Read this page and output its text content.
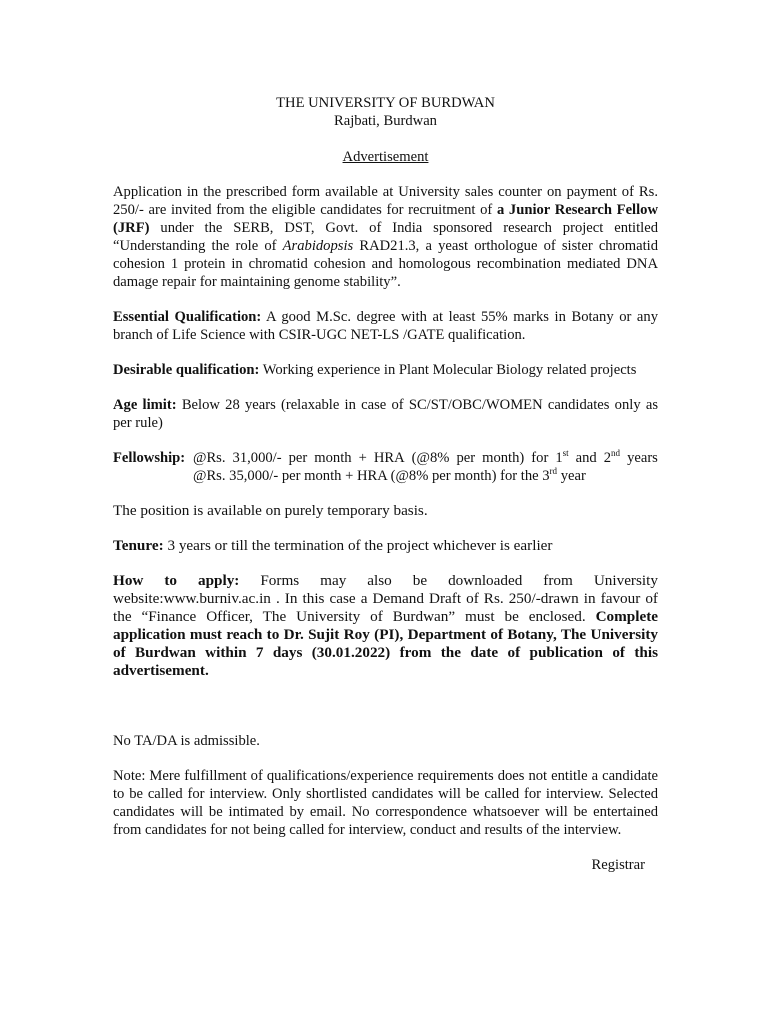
THE UNIVERSITY OF BURDWAN

Rajbati, Burdwan

Advertisement

Application in the prescribed form available at University sales counter on payment of Rs. 250/- are invited from the eligible candidates for recruitment of a Junior Research Fellow (JRF) under the SERB, DST, Govt. of India sponsored research project entitled “Understanding the role of Arabidopsis RAD21.3, a yeast orthologue of sister chromatid cohesion 1 protein in chromatid cohesion and homologous recombination mediated DNA damage repair for maintaining genome stability”.

Essential Qualification: A good M.Sc. degree with at least 55% marks in Botany or any branch of Life Science with CSIR-UGC NET-LS /GATE qualification.

Desirable qualification: Working experience in Plant Molecular Biology related projects

Age limit: Below 28 years (relaxable in case of SC/ST/OBC/WOMEN candidates only as per rule)

Fellowship: @Rs. 31,000/- per month + HRA (@8% per month) for 1st and 2nd years
@Rs. 35,000/- per month + HRA (@8% per month) for the 3rd year

The position is available on purely temporary basis.

Tenure: 3 years or till the termination of the project whichever is earlier

How to apply: Forms may also be downloaded from University

website:www.burniv.ac.in . In this case a Demand Draft of Rs. 250/-drawn in favour of the “Finance Officer, The University of Burdwan” must be enclosed. Complete application must reach to Dr. Sujit Roy (PI), Department of Botany, The University of Burdwan within 7 days (30.01.2022) from the date of publication of this advertisement.

No TA/DA is admissible.

Note: Mere fulfillment of qualifications/experience requirements does not entitle a candidate to be called for interview. Only shortlisted candidates will be called for interview. Selected candidates will be intimated by email. No correspondence whatsoever will be entertained from candidates for not being called for interview, conduct and results of the interview.

Registrar
